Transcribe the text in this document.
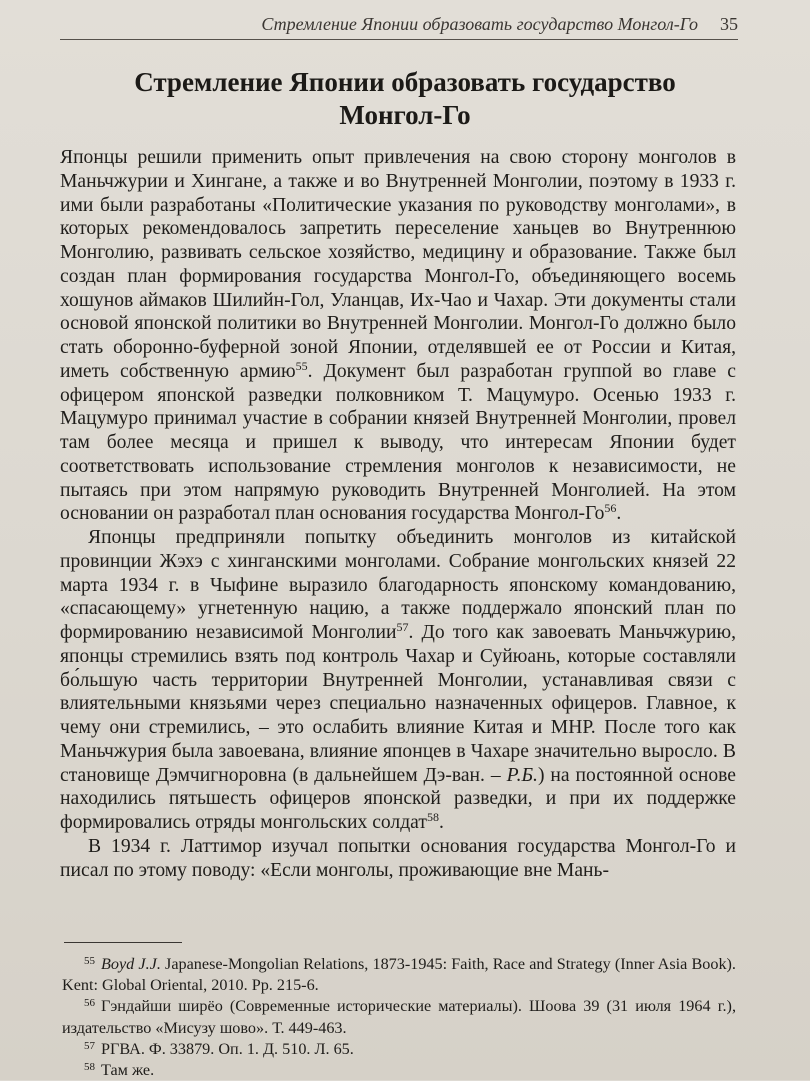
Стремление Японии образовать государство Монгол-Го 35
Стремление Японии образовать государство
Монгол-Го

Японцы решили применить опыт привлечения на свою сторону монголов в Маньчжурии и Хингане, а также и во Внутренней Монголии, поэтому в 1933 г. ими были разработаны «Политические указания по руководству монголами», в которых рекомендовалось запретить переселение ханьцев во Внутреннюю Монголию, развивать сельское хозяйство, медицину и образование. Также был создан план формирования государства Монгол-Го, объединяющего восемь хошунов аймаков Шилийн-Гол, Уланцав, Их-Чао и Чахар. Эти документы стали основой японской политики во Внутренней Монголии. Монгол-Го должно было стать оборонно-буферной зоной Японии, отделявшей ее от России и Китая, иметь собственную армию$^{55}$. Документ был разработан группой во главе с офицером японской разведки полковником Т. Мацумуро. Осенью 1933 г. Мацумуро принимал участие в собрании князей Внутренней Монголии, провел там более месяца и пришел к выводу, что интересам Японии будет соответствовать использование стремления монголов к независимости, не пытаясь при этом напрямую руководить Внутренней Монголией. На этом основании он разработал план основания государства Монгол-$Го^{56}$.

Японцы предприняли попытку объединить монголов из китайской провинции Жэхэ с хинганскими монголами. Собрание монгольских князей 22 марта 1934 г. в Чыфине выразило благодарность японскому командованию, «спасающему» угнетенную нацию, а также поддержало японский план по формированию независимой Монголии$^{57}$. До того как завоевать Маньчжурию, японцы стремились взять под контроль Чахар и Суйюань, которые составляли бо́льшую часть территории Внутренней Монголии, устанавливая связи с влиятельными князьями через специально назначенных офицеров. Главное, к чему они стремились, – это ослабить влияние Китая и МНР. После того как Маньчжурия была завоевана, влияние японцев в Чахаре значительно выросло. В становище Дэмчигноровна (в дальнейшем Дэ-ван. – Р.Б.) на постоянной основе находились пятьшесть офицеров японской разведки, и при их поддержке формировались отряды монгольских солдат$^{58}$.

В 1934 г. Латтимор изучал попытки основания государства Монгол-Го и писал по этому поводу: «Если монголы, проживающие вне Мань-

$^{55}$ Boyd J.J. Japanese-Mongolian Relations, 1873-1945: Faith, Race and Strategy (Inner Asia Book). Kent: Global Oriental, 2010. Pp. 215-6.

$^{56}$ Гэндайши ширёо (Современные исторические материалы). Шоова 39 (31 июля 1964 г.), издательство «Мисузу шово». Т. 449-463.

$^{57}$ РГВА. Ф. 33879. Оп. 1. Д. 510. Л. 65.

$^{58}$ Там же.
